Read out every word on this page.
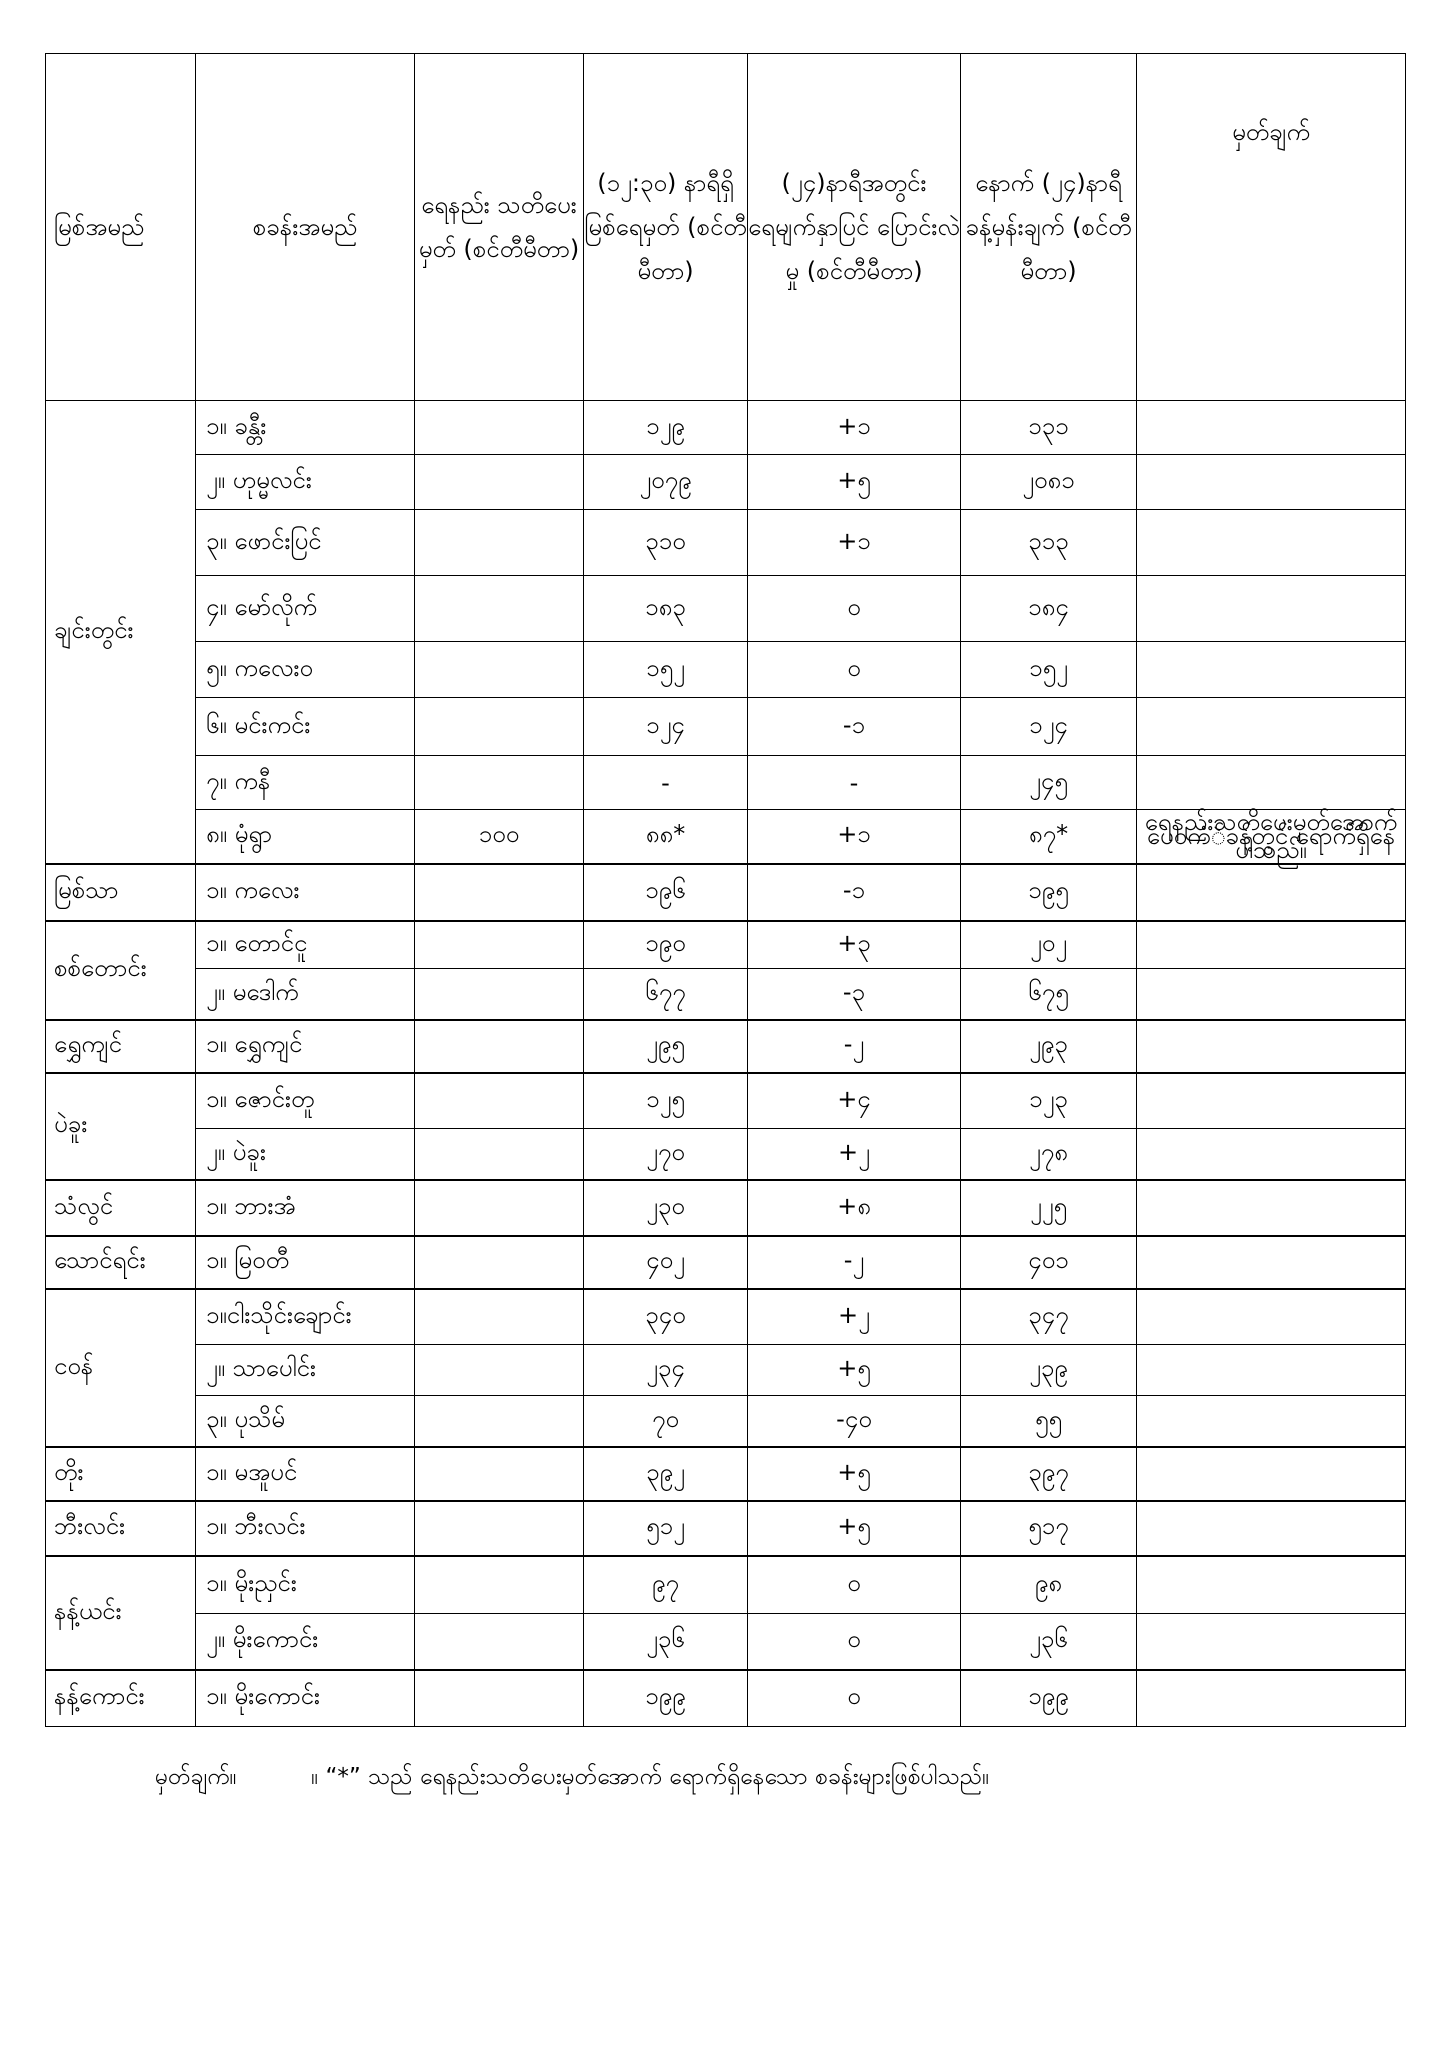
မြစ်အမည်	စခန်းအမည်	ရေနည်း သတိပေးမှတ် (စင်တီမီတာ)	(၁၂:၃၀) နာရီရှိ မြစ်ရေမှတ် (စင်တီမီတာ)	(၂၄)နာရီအတွင်း ရေမျက်နှာပြင် ပြောင်းလဲမှု (စင်တီမီတာ)	နောက် (၂၄)နာရီ ခန့်မှန်းချက် (စင်တီမီတာ)	မှတ်ချက်
ချင်းတွင်း	၁။ ခန္တီး		၁၂၉	+၁	၁၃၁	
	၂။ ဟုမ္မလင်း		၂၀၇၉	+၅	၂၀၈၁	
	၃။ ဖောင်းပြင်		၃၁၀	+၁	၃၁၃	
	၄။ မော်လိုက်		၁၈၃	၀	၁၈၄	
	၅။ ကလေးဝ		၁၅၂	၀	၁၅၂	
	၆။ မင်းကင်း		၁၂၄	-၁	၁၂၄	
	၇။ ကနီ		-	-	၂၄၅	
	၈။ မုံရွာ	၁၀၀	၈၈*	+၁	၈၇*	ရေနည်းသတိပေးမှတ်အောက် ပေ၀ကံ်ခန့်တွင် ရောက်ရှိနေပါသည်။
မြစ်သာ	၁။ ကလေး		၁၉၆	-၁	၁၉၅	
စစ်တောင်း	၁။ တောင်ငူ		၁၉၀	+၃	၂၀၂	
	၂။ မဒေါက်		၆၇၇	-၃	၆၇၅	
ရွှေကျင်	၁။ ရွှေကျင်		၂၉၅	-၂	၂၉၃	
ပဲခူး	၁။ ဇောင်းတူ		၁၂၅	+၄	၁၂၃	
	၂။ ပဲခူး		၂၇၀	+၂	၂၇၈	
သံလွင်	၁။ ဘားအံ		၂၃၀	+၈	၂၂၅	
သောင်ရင်း	၁။ မြဝတီ		၄၀၂	-၂	၄၀၁	
ငဝန်	၁။ငါးသိုင်းချောင်း		၃၄၀	+၂	၃၄၇	
	၂။ သာပေါင်း		၂၃၄	+၅	၂၃၉	
	၃။ ပုသိမ်		၇၀	-၄၀	၅၅	
တိုး	၁။ မအူပင်		၃၉၂	+၅	၃၉၇	
ဘီးလင်း	၁။ ဘီးလင်း		၅၁၂	+၅	၅၁၇	
နန့်ယင်း	၁။ မိုးညှင်း		၉၇	၀	၉၈	
	၂။ မိုးကောင်း		၂၃၆	၀	၂၃၆	
နန့်ကောင်း	၁။ မိုးကောင်း		၁၉၉	၀	၁၉၉	
မှတ်ချက်။	။ “*” သည် ရေနည်းသတိပေးမှတ်အောက် ရောက်ရှိနေသော စခန်းများဖြစ်ပါသည်။
